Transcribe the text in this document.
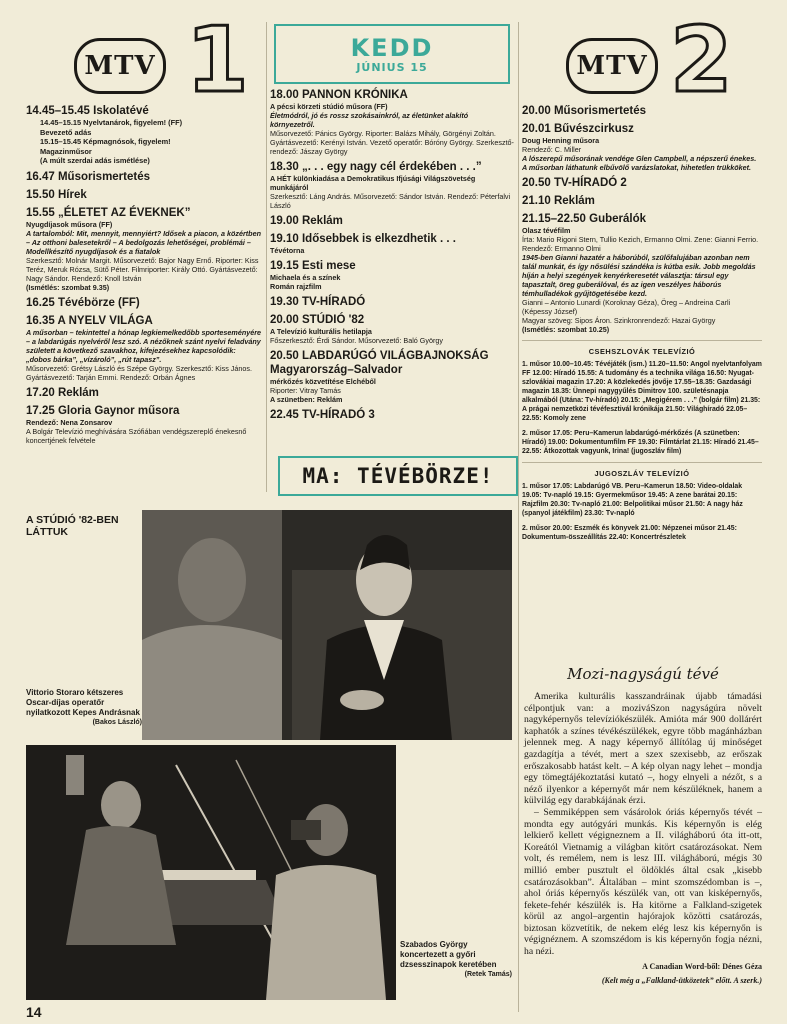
MTV 1
14.45–15.45 Iskolatévé
14.45–15.15 Nyelvtanárok, figyelem! (FF)
Bevezető adás
15.15–15.45 Képmagnósok, figyelem!
Magazinműsor
(A múlt szerdai adás ismétlése)
16.47 Műsorismertetés
15.50 Hírek
15.55 „ÉLETET AZ ÉVEKNEK”
Nyugdíjasok műsora (FF)
A tartalomból: Mit, mennyit, mennyiért? Idősek a piacon, a közértben – Az otthoni balesetekről – A bedolgozás lehetőségei, problémái – Modellkészítő nyugdíjasok és a fiatalok
Szerkesztő: Molnár Margit. Műsorvezető: Bajor Nagy Ernő. Riporter: Kiss Teréz, Meruk Rózsa, Sütő Péter. Filmriporter: Király Ottó. Gyártásvezető: Nagy Sándor. Rendező: Knoll István
(Ismétlés: szombat 9.35)
16.25 Tévébörze (FF)
16.35 A NYELV VILÁGA
A műsorban – tekintettel a hónap legkiemelkedőbb sporteseményére – a labdarúgás nyelvéről lesz szó. A nézőknek szánt nyelvi feladvány született a következő szavakhoz, kifejezésekhez kapcsolódik: „dobos bárka”, „vízároló”, „rút tapasz”.
Műsorvezető: Grétsy László és Szépe György. Szerkesztő: Kiss János. Gyártásvezető: Tarján Emmi. Rendező: Orbán Ágnes
17.20 Reklám
17.25 Gloria Gaynor műsora
Rendező: Nena Zonsarov
A Bolgár Televízió meghívására Szófiában vendégszereplő énekesnő koncertjének felvétele
KEDD
JÚNIUS 15
18.00 PANNON KRÓNIKA
A pécsi körzeti stúdió műsora (FF)
Életmódról, jó és rossz szokásainkról, az életünket alakító környezetről.
Műsorvezető: Pánics György. Riporter: Balázs Mihály, Görgényi Zoltán. Gyártásvezető: Kerényi István. Vezető operatőr: Bóróny György. Szerkesztő-rendező: Jászay György
18.30 „. . . egy nagy cél érdekében . . .”
A HÉT különkiadása a Demokratikus Ifjúsági Világszövetség munkájáról
Szerkesztő: Láng András. Műsorvezető: Sándor István. Rendező: Péterfalvi László
19.00 Reklám
19.10 Idősebbek is elkezdhetik . . .
Tévétorna
19.15 Esti mese
Michaela és a színek
Román rajzfilm
19.30 TV-HÍRADÓ
20.00 STÚDIÓ '82
A Televízió kulturális hetilapja
Főszerkesztő: Érdi Sándor. Műsorvezető: Baló György
20.50 LABDARÚGÓ VILÁGBAJNOKSÁG
Magyarország–Salvador
mérkőzés közvetítése Elchéből
Riporter: Vitray Tamás
A szünetben: Reklám
22.45 TV-HÍRADÓ 3
MA: TÉVÉBÖRZE!
MTV 2
20.00 Műsorismertetés
20.01 Bűvészcirkusz
Doug Henning műsora
Rendező: C. Miller
A lószerepű műsorának vendége Glen Campbell, a népszerű énekes. A műsorban láthatunk elbűvölő varázslatokat, hihetetlen trükköket.
20.50 TV-HÍRADÓ 2
21.10 Reklám
21.15–22.50 Guberálók
Olasz tévéfilm
Írta: Mario Rigoni Stern, Tullio Kezich, Ermanno Olmi. Zene: Gianni Ferrio. Rendező: Ermanno Olmi
1945-ben Gianni hazatér a háborúból, szülőfalujában azonban nem talál munkát, és így nősülési szándéka is kútba esik. Jobb megoldás híján a helyi szegények kenyérkeresetét választja: társul egy tapasztalt, öreg guberálóval, és az igen veszélyes háborús témhulladékok gyűjtögetésébe kezd.
Gianni – Antonio Lunardi (Koroknay Géza), Öreg – Andreina Carli (Képessy József)
Magyar szöveg: Sipos Áron. Szinkronrendező: Hazai György
(Ismétlés: szombat 10.25)
CSEHSZLOVÁK TELEVÍZIÓ

1. műsor 10.00–10.45: Tévéjáték (ism.) 11.20–11.50: Angol nyelvtanfolyam FF 12.00: Híradó 15.55: A tudomány és a technika világa 16.50: Nyugat-szlovákiai magazin 17.20: A közlekedés jövője 17.55–18.35: Gazdasági magazin 18.35: Ünnepi nagygyűlés Dimitrov 100. születésnapja alkalmából (Utána: Tv-híradó) 20.15: „Megigérem . . .” (bolgár film) 21.35: A prágai nemzetközi tévéfesztivál krónikája 21.50: Világhíradó 22.05–22.55: Komoly zene

2. műsor 17.05: Peru–Kamerun labdarúgó-mérkőzés (A szünetben: Híradó) 19.00: Dokumentumfilm FF 19.30: Filmtárlat 21.15: Híradó 21.45–22.55: Átkozottak vagyunk, Irina! (jugoszláv film)

JUGOSZLÁV TELEVÍZIÓ

1. műsor 17.05: Labdarúgó VB. Peru–Kamerun 18.50: Video-oldalak 19.05: Tv-napló 19.15: Gyermekműsor 19.45: A zene barátai 20.15: Rajzfilm 20.30: Tv-napló 21.00: Belpolitikai műsor 21.50: A nagy ház (spanyol játékfilm) 23.30: Tv-napló

2. műsor 20.00: Eszmék és könyvek 21.00: Népzenei műsor 21.45: Dokumentum-összeállítás 22.40: Koncertrészletek

Mozi-nagyságú tévé

Amerika kulturális kasszandráinak újabb támadási célpontjuk van: a moziváSzon nagyságúra növelt nagyképernyős televíziókészülék. Amióta már 900 dollárért kaphatók a színes tévékészülékek, egyre több magánházban jelennek meg. A nagy képernyő állítólag új minőséget gazdagítja a tévét, mert a szex szexisebb, az erőszak erőszakosabb hatást kelt. – A kép olyan nagy lehet – mondja egy tömegtájékoztatási kutató –, hogy elnyeli a nézőt, s a néző ilyenkor a képernyőt már nem készüléknek, hanem a külvilág egy darabkájának érzi.

– Semmiképpen sem vásárolok óriás képernyős tévét – mondta egy autógyári munkás. Kis képernyőn is elég lelkierő kellett végigneznem a II. világháború óta itt-ott, Koreától Vietnamig a világban kitört csatározásokat. Nem volt, és remélem, nem is lesz III. világháború, mégis 30 millió ember pusztult el öldöklés által csak „kisebb csatározásokban”. Általában – mint szomszédomban is –, ahol óriás képernyős készülék van, ott van kisképernyős, fekete-fehér készülék is. Ha kitörne a Falkland-szigetek körül az angol–argentin hajórajok közötti csatározás, biztosan közvetítik, de nekem elég lesz kis képernyőn is végignéznem. A szomszédom is kis képernyőn fogja nézni, ha nézi.

A Canadian Word-ből: Dénes Géza

(Kelt még a „Falkland-ütközetek” előtt. A szerk.)

A STÚDIÓ '82-BEN LÁTTUK
Vittorio Storaro kétszeres Oscar-díjas operatőr nyilatkozott Kepes Andrásnak
(Bakos László)
Szabados György koncertezett a győri dzsesszinapok keretében
(Retek Tamás)
14
